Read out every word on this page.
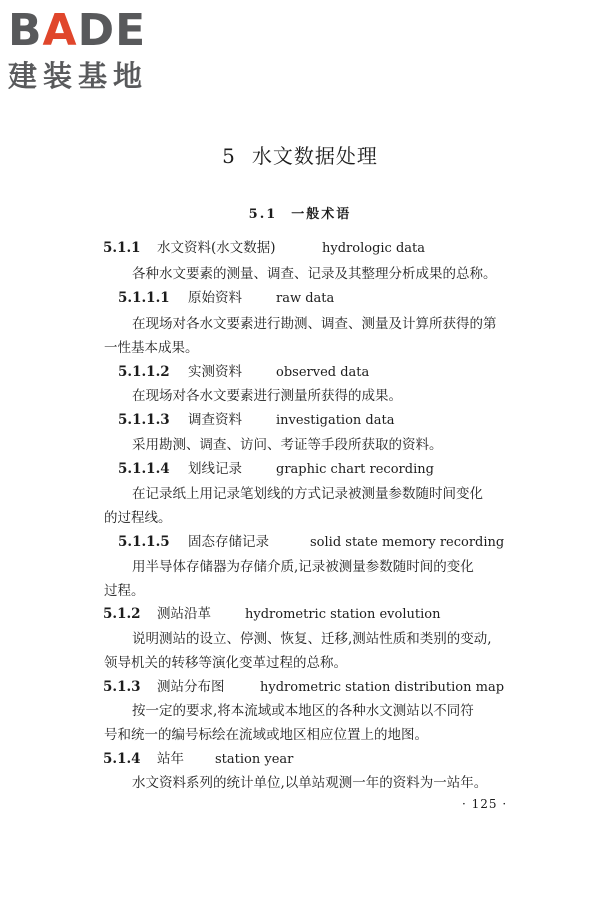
BADE
建装基地
5 水文数据处理
5.1 一般术语
5.1.1 水文资料(水文数据)	hydrologic data
各种水文要素的测量、调查、记录及其整理分析成果的总称。
5.1.1.1 原始资料	raw data
在现场对各水文要素进行勘测、调查、测量及计算所获得的第
一性基本成果。
5.1.1.2 实测资料	observed data
在现场对各水文要素进行测量所获得的成果。
5.1.1.3 调查资料	investigation data
采用勘测、调查、访问、考证等手段所获取的资料。
5.1.1.4 划线记录	graphic chart recording
在记录纸上用记录笔划线的方式记录被测量参数随时间变化
的过程线。
5.1.1.5 固态存储记录	solid state memory recording
用半导体存储器为存储介质,记录被测量参数随时间的变化
过程。
5.1.2 测站沿革	hydrometric station evolution
说明测站的设立、停测、恢复、迁移,测站性质和类别的变动,
领导机关的转移等演化变革过程的总称。
5.1.3 测站分布图	hydrometric station distribution map
按一定的要求,将本流域或本地区的各种水文测站以不同符
号和统一的编号标绘在流域或地区相应位置上的地图。
5.1.4 站年 station year
水文资料系列的统计单位,以单站观测一年的资料为一站年。
· 125 ·
